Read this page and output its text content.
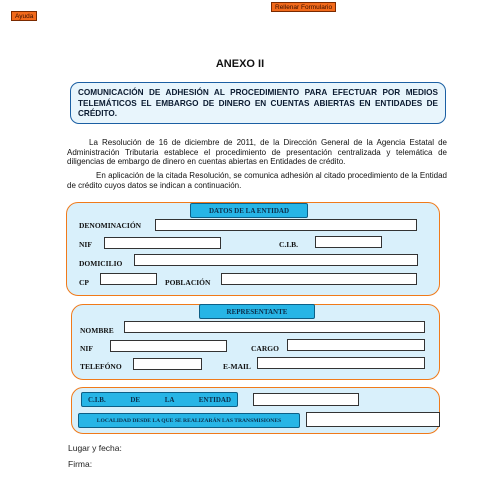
Ayuda
Rellenar Formulario
ANEXO II
COMUNICACIÓN DE ADHESIÓN AL PROCEDIMIENTO PARA EFECTUAR POR MEDIOS TELEMÁTICOS EL EMBARGO DE DINERO EN CUENTAS ABIERTAS EN ENTIDADES DE CRÉDITO.
La Resolución de 16 de diciembre de 2011, de la Dirección General de la Agencia Estatal de Administración Tributaria establece el procedimiento de presentación centralizada y telemática de diligencias de embargo de dinero en cuentas abiertas en Entidades de crédito.
En aplicación de la citada Resolución, se comunica adhesión al citado procedimiento de la Entidad de crédito cuyos datos se indican a continuación.
DATOS DE LA ENTIDAD
DENOMINACIÓN
NIF	C.I.B.
DOMICILIO
CP	POBLACIÓN
REPRESENTANTE
NOMBRE
NIF	CARGO
TELEFÓNO	E-MAIL
C.I.B. DE LA ENTIDAD
LOCALIDAD DESDE LA QUE SE REALIZARÁN LAS TRANSMISIONES
Lugar y fecha:
Firma:
